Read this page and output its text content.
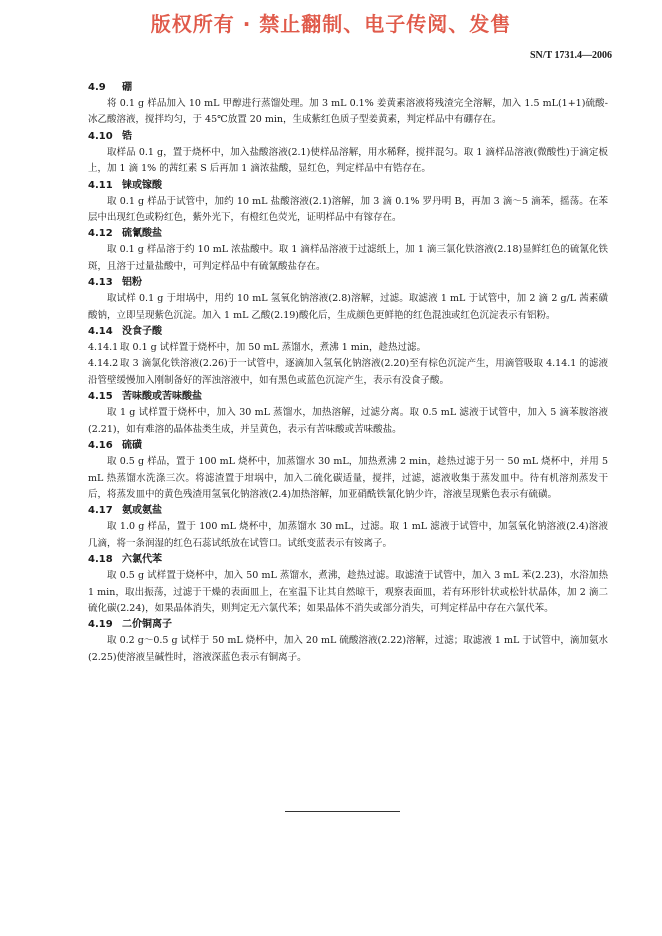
版权所有 · 禁止翻制、电子传阅、发售
SN/T 1731.4—2006
4.9 硼
将 0.1 g 样品加入 10 mL 甲醇进行蒸馏处理。加 3 mL 0.1% 姜黄素溶液将残渣完全溶解，加入 1.5 mL(1+1)硫酸-冰乙酸溶液，搅拌均匀，于 45℃放置 20 min，生成紫红色质子型姜黄素，判定样品中有硼存在。
4.10 锆
取样品 0.1 g，置于烧杯中，加入盐酸溶液(2.1)使样品溶解，用水稀释，搅拌混匀。取 1 滴样品溶液(微酸性)于滴定板上，加 1 滴 1% 的茜红素 S 后再加 1 滴浓盐酸，显红色，判定样品中有锆存在。
4.11 铼或镓酸
取 0.1 g 样品于试管中，加约 10 mL 盐酸溶液(2.1)溶解，加 3 滴 0.1% 罗丹明 B，再加 3 滴～5 滴苯，摇荡。在苯层中出现红色或粉红色，紫外光下，有橙红色荧光，证明样品中有镓存在。
4.12 硫氰酸盐
取 0.1 g 样品溶于约 10 mL 浓盐酸中。取 1 滴样品溶液于过滤纸上，加 1 滴三氯化铁溶液(2.18)显鲜红色的硫氰化铁斑，且溶于过量盐酸中，可判定样品中有硫氰酸盐存在。
4.13 铝粉
取试样 0.1 g 于坩埚中，用约 10 mL 氢氧化钠溶液(2.8)溶解，过滤。取滤液 1 mL 于试管中，加 2 滴 2 g/L 茜素磺酸钠，立即呈现紫色沉淀。加入 1 mL 乙酸(2.19)酸化后，生成颜色更鲜艳的红色混浊或红色沉淀表示有铝粉。
4.14 没食子酸
4.14.1 取 0.1 g 试样置于烧杯中，加 50 mL 蒸馏水，煮沸 1 min，趁热过滤。
4.14.2 取 3 滴氯化铁溶液(2.26)于一试管中，逐滴加入氢氧化钠溶液(2.20)至有棕色沉淀产生，用滴管吸取 4.14.1 的滤液沿管壁缓慢加入刚制备好的浑浊溶液中，如有黑色或蓝色沉淀产生，表示有没食子酸。
4.15 苦味酸或苦味酸盐
取 1 g 试样置于烧杯中，加入 30 mL 蒸馏水，加热溶解，过滤分离。取 0.5 mL 滤液于试管中，加入 5 滴苯胺溶液(2.21)，如有难溶的晶体盐类生成，并呈黄色，表示有苦味酸或苦味酸盐。
4.16 硫磺
取 0.5 g 样品，置于 100 mL 烧杯中，加蒸馏水 30 mL，加热煮沸 2 min，趁热过滤于另一 50 mL 烧杯中，并用 5 mL 热蒸馏水洗涤三次。将滤渣置于坩埚中，加入二硫化碳适量，搅拌，过滤，滤液收集于蒸发皿中。待有机溶剂蒸发干后，将蒸发皿中的黄色残渣用氢氧化钠溶液(2.4)加热溶解，加亚硝酰铁氰化钠少许，溶液呈现紫色表示有硫磺。
4.17 氨或氨盐
取 1.0 g 样品，置于 100 mL 烧杯中，加蒸馏水 30 mL，过滤。取 1 mL 滤液于试管中，加氢氧化钠溶液(2.4)溶液几滴，将一条润湿的红色石蕊试纸放在试管口。试纸变蓝表示有铵离子。
4.18 六氯代苯
取 0.5 g 试样置于烧杯中，加入 50 mL 蒸馏水，煮沸，趁热过滤。取滤渣于试管中，加入 3 mL 苯(2.23)，水浴加热 1 min，取出振荡，过滤于干燥的表面皿上，在室温下让其自然晾干，观察表面皿，若有环形针状或松针状晶体，加 2 滴二硫化碳(2.24)，如果晶体消失，则判定无六氯代苯；如果晶体不消失或部分消失，可判定样品中存在六氯代苯。
4.19 二价铜离子
取 0.2 g～0.5 g 试样于 50 mL 烧杯中，加入 20 mL 硫酸溶液(2.22)溶解，过滤；取滤液 1 mL 于试管中，滴加氨水(2.25)使溶液呈碱性时，溶液深蓝色表示有铜离子。
